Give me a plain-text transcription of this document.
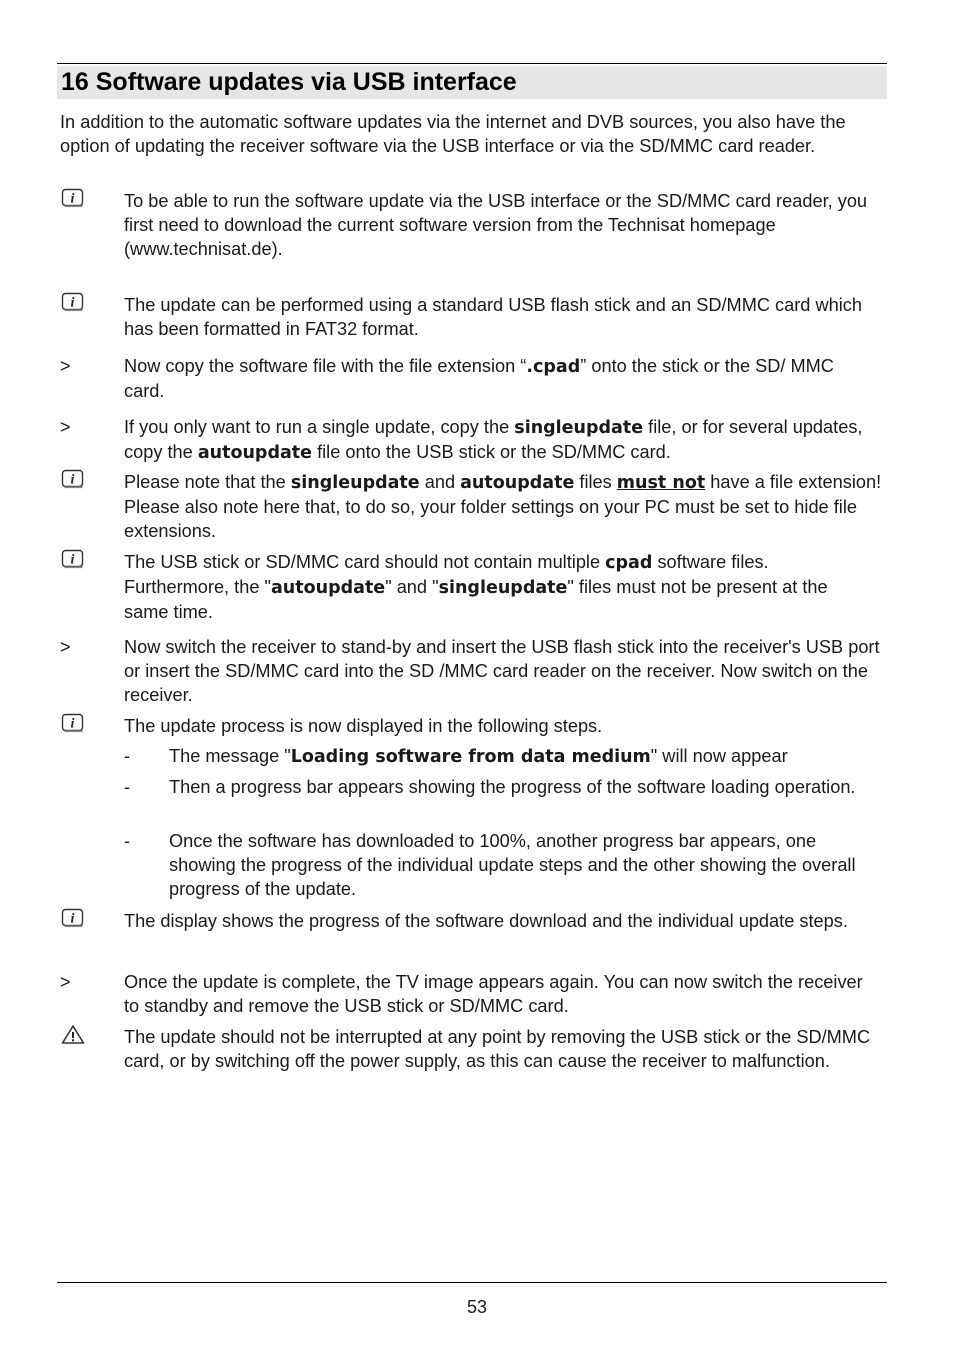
16 Software updates via USB interface

In addition to the automatic software updates via the internet and DVB sources, you also have the option of updating the receiver software via the USB interface or via the SD/MMC card reader.

i	To be able to run the software update via the USB interface or the SD/MMC card reader, you first need to download the current software version from the Technisat homepage (www.technisat.de).

i	The update can be performed using a standard USB flash stick and an SD/MMC card which has been formatted in FAT32 format.

>	Now copy the software file with the file extension “.cpad” onto the stick or the SD/ MMC card.

>	If you only want to run a single update, copy the singleupdate file, or for several updates, copy the autoupdate file onto the USB stick or the SD/MMC card.

i	Please note that the singleupdate and autoupdate files must not have a file extension! Please also note here that, to do so, your folder settings on your PC must be set to hide file extensions.

i	The USB stick or SD/MMC card should not contain multiple cpad software files. Furthermore, the "autoupdate" and "singleupdate" files must not be present at the same time.

>	Now switch the receiver to stand-by and insert the USB flash stick into the receiver's USB port or insert the SD/MMC card into the SD /MMC card reader on the receiver. Now switch on the receiver.

i	The update process is now displayed in the following steps.

- The message "Loading software from data medium" will now appear

- Then a progress bar appears showing the progress of the software loading operation.

- Once the software has downloaded to 100%, another progress bar appears, one showing the progress of the individual update steps and the other showing the overall progress of the update.

i	The display shows the progress of the software download and the individual update steps.

>	Once the update is complete, the TV image appears again. You can now switch the receiver to standby and remove the USB stick or SD/MMC card.

The update should not be interrupted at any point by removing the USB stick or the SD/MMC card, or by switching off the power supply, as this can cause the receiver to malfunction.

53
